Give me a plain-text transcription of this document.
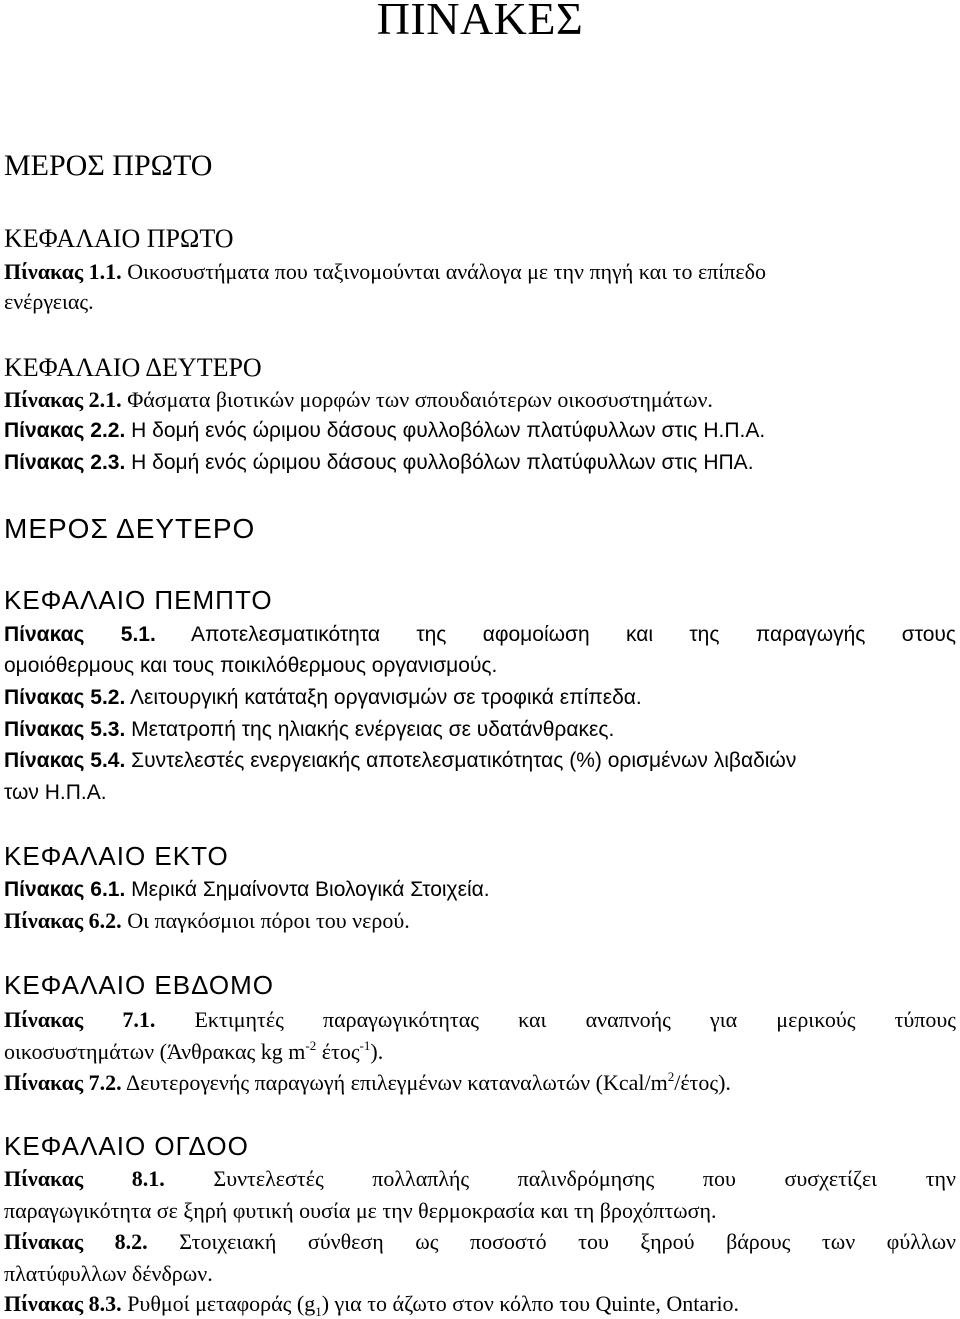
ΠΙΝΑΚΕΣ
ΜΕΡΟΣ ΠΡΩΤΟ
ΚΕΦΑΛΑΙΟ ΠΡΩΤΟ
Πίνακας 1.1. Οικοσυστήματα που ταξινομούνται ανάλογα με την πηγή και το επίπεδο
ενέργειας.
ΚΕΦΑΛΑΙΟ ΔΕΥΤΕΡΟ
Πίνακας 2.1. Φάσματα βιοτικών μορφών των σπουδαιότερων οικοσυστημάτων.
Πίνακας 2.2. Η δομή ενός ώριμου δάσους φυλλοβόλων πλατύφυλλων στις Η.Π.Α.
Πίνακας 2.3. Η δομή ενός ώριμου δάσους φυλλοβόλων πλατύφυλλων στις ΗΠΑ.
ΜΕΡΟΣ ΔΕΥΤΕΡΟ
ΚΕΦΑΛΑΙΟ ΠΕΜΠΤΟ
Πίνακας 5.1. Αποτελεσματικότητα της αφομοίωση και της παραγωγής στους
ομοιόθερμους και τους ποικιλόθερμους οργανισμούς.
Πίνακας 5.2. Λειτουργική κατάταξη οργανισμών σε τροφικά επίπεδα.
Πίνακας 5.3. Μετατροπή της ηλιακής ενέργειας σε υδατάνθρακες.
Πίνακας 5.4. Συντελεστές ενεργειακής αποτελεσματικότητας (%) ορισμένων λιβαδιών
των Η.Π.Α.
ΚΕΦΑΛΑΙΟ ΕΚΤΟ
Πίνακας 6.1. Μερικά Σημαίνοντα Βιολογικά Στοιχεία.
Πίνακας 6.2. Οι παγκόσμιοι πόροι του νερού.
ΚΕΦΑΛΑΙΟ ΕΒΔΟΜΟ
Πίνακας 7.1. Εκτιμητές παραγωγικότητας και αναπνοής για μερικούς τύπους
οικοσυστημάτων (Άνθρακας kg $m^{-2}$ έτος$^{-1}$).
Πίνακας 7.2. Δευτερογενής παραγωγή επιλεγμένων καταναλωτών $(Kcal/m^2/έ\tau o\varsigma)$.
ΚΕΦΑΛΑΙΟ ΟΓΔΟΟ
Πίνακας 8.1. Συντελεστές πολλαπλής παλινδρόμησης που συσχετίζει την
παραγωγικότητα σε ξηρή φυτική ουσία με την θερμοκρασία και τη βροχόπτωση.
Πίνακας 8.2. Στοιχειακή σύνθεση ως ποσοστό του ξηρού βάρους των φύλλων
πλατύφυλλων δένδρων.
Πίνακας 8.3. Ρυθμοί μεταφοράς $(g_1)$ για το άζωτο στον κόλπο του Quinte, Ontario.
